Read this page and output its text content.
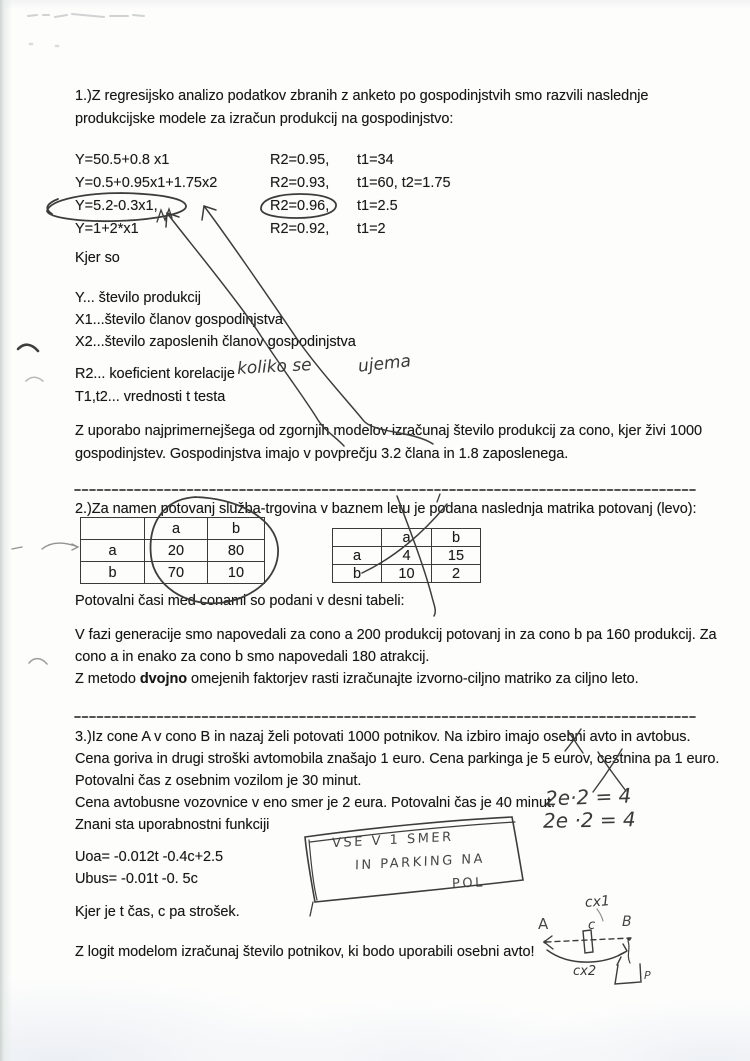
1.)Z regresijsko analizo podatkov zbranih z anketo po gospodinjstvih smo razvili naslednje
produkcijske modele za izračun produkcij na gospodinjstvo:
Y=50.5+0.8 x1	R2=0.95, t1=34
Y=0.5+0.95x1+1.75x2	R2=0.93, t1=60, t2=1.75
Y=5.2-0.3x1,	R2=0.96, t1=2.5
Y=1+2*x1	R2=0.92, t1=2
Kjer so
Y... število produkcij
X1...število članov gospodinjstva
X2...število zaposlenih članov gospodinjstva
R2... koeficient korelacije koliko se	ujema
T1,t2... vrednosti t testa
Z uporabo najprimernejšega od zgornjih modelov izračunaj število produkcij za cono, kjer živi 1000
gospodinjstev. Gospodinjstva imajo v povprečju 3.2 člana in 1.8 zaposlenega.
2.)Za namen potovanj služba-trgovina v baznem letu je podana naslednja matrika potovanj (levo):
	a	b
a	20	80
b	70	10
	a	b
a	4	15
b	10	2
Potovalni časi med conami so podani v desni tabeli:
V fazi generacije smo napovedali za cono a 200 produkcij potovanj in za cono b pa 160 produkcij. Za
cono a in enako za cono b smo napovedali 180 atrakcij.
Z metodo dvojno omejenih faktorjev rasti izračunajte izvorno-ciljno matriko za ciljno leto.
3.)Iz cone A v cono B in nazaj želi potovati 1000 potnikov. Na izbiro imajo osebni avto in avtobus.
Cena goriva in drugi stroški avtomobila znašajo 1 euro. Cena parkinga je 5 eurov, cestnina pa 1 euro.
Potovalni čas z osebnim vozilom je 30 minut.
Cena avtobusne vozovnice v eno smer je 2 eura. Potovalni čas je 40 minut.
Znani sta uporabnostni funkciji
2e·2 = 4
2e ·2 = 4
Uoa= -0.012t -0.4c+2.5
Ubus= -0.01t -0. 5c
VSE V 1 SMER
IN PARKING NA
POL
Kjer je t čas, c pa strošek.
Z logit modelom izračunaj število potnikov, ki bodo uporabili osebni avto!
cx1
A	c B
cx2	P
